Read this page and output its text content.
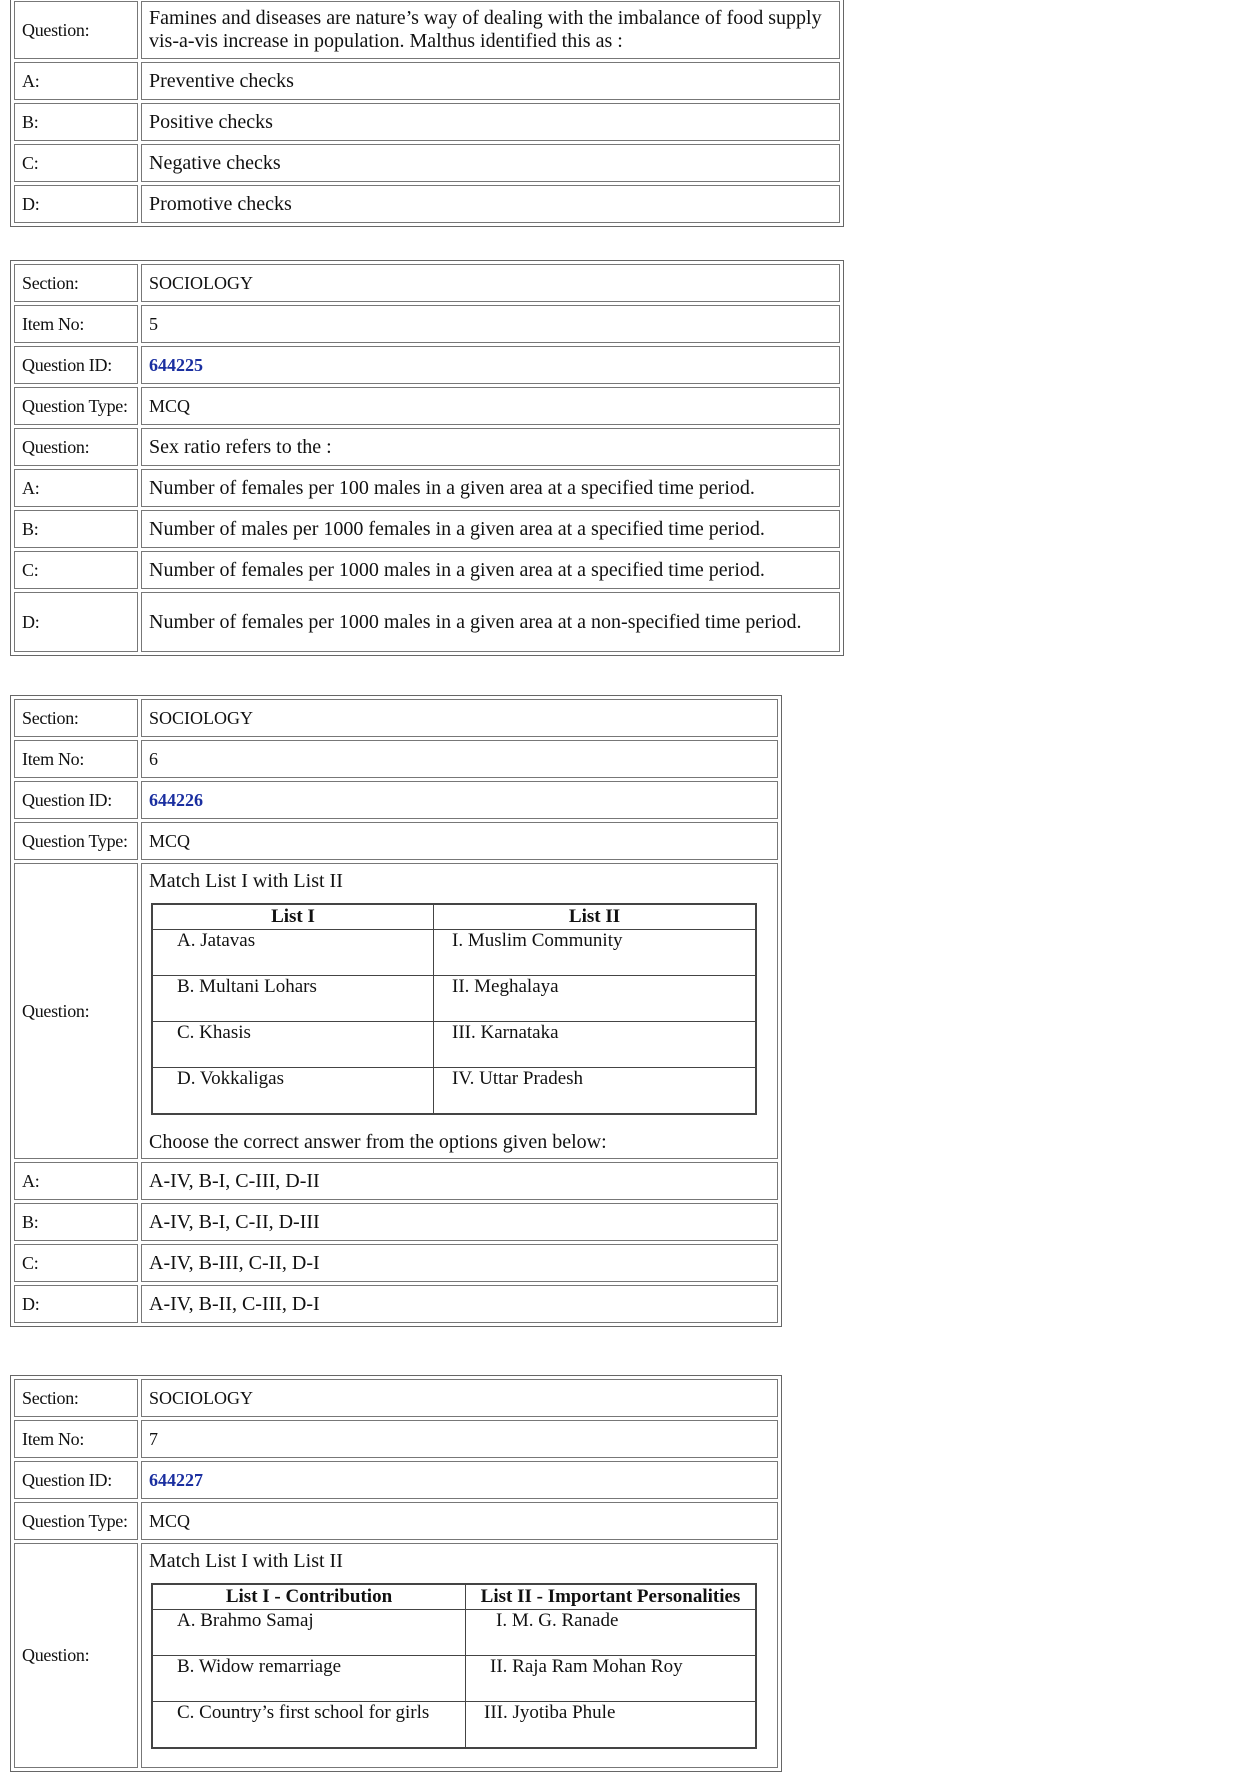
Question:	Famines and diseases are nature’s way of dealing with the imbalance of food supply vis-a-vis increase in population. Malthus identified this as :
A:	Preventive checks
B:	Positive checks
C:	Negative checks
D:	Promotive checks
Section:	SOCIOLOGY
Item No:	5
Question ID:	644225
Question Type:	MCQ
Question:	Sex ratio refers to the :
A:	Number of females per 100 males in a given area at a specified time period.
B:	Number of males per 1000 females in a given area at a specified time period.
C:	Number of females per 1000 males in a given area at a specified time period.
D:	Number of females per 1000 males in a given area at a non-specified time period.
Section:	SOCIOLOGY
Item No:	6
Question ID:	644226
Question Type:	MCQ
Question:	
Match List I with List II
List I	List II
A. Jatavas	I. Muslim Community
B. Multani Lohars	II. Meghalaya
C. Khasis	III. Karnataka
D. Vokkaligas	IV. Uttar Pradesh
Choose the correct answer from the options given below:

A:	A-IV, B-I, C-III, D-II
B:	A-IV, B-I, C-II, D-III
C:	A-IV, B-III, C-II, D-I
D:	A-IV, B-II, C-III, D-I
Section:	SOCIOLOGY
Item No:	7
Question ID:	644227
Question Type:	MCQ
Question:	
Match List I with List II
List I - Contribution	List II - Important Personalities
A. Brahmo Samaj	I. M. G. Ranade
B. Widow remarriage	II. Raja Ram Mohan Roy
C. Country’s first school for girls	III. Jyotiba Phule
